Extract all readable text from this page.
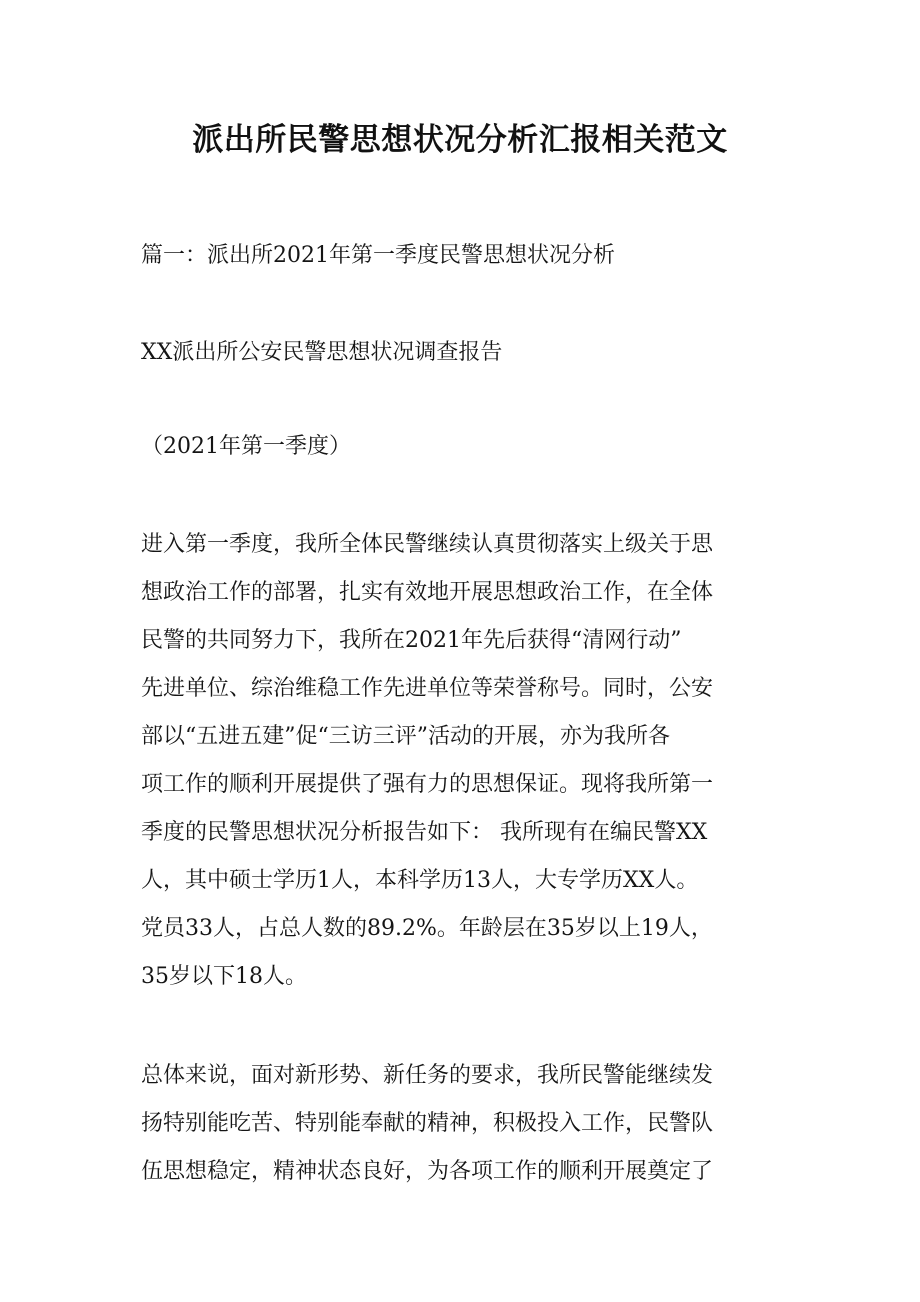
派出所民警思想状况分析汇报相关范文
篇一：派出所2021年第一季度民警思想状况分析
XX派出所公安民警思想状况调查报告
（2021年第一季度）
进入第一季度，我所全体民警继续认真贯彻落实上级关于思
想政治工作的部署，扎实有效地开展思想政治工作，在全体
民警的共同努力下，我所在2021年先后获得“清网行动”
先进单位、综治维稳工作先进单位等荣誉称号。同时，公安
部以“五进五建”促“三访三评”活动的开展，亦为我所各
项工作的顺利开展提供了强有力的思想保证。现将我所第一
季度的民警思想状况分析报告如下： 我所现有在编民警XX
人，其中硕士学历1人，本科学历13人，大专学历XX人。
党员33人，占总人数的89.2%。年龄层在35岁以上19人，
35岁以下18人。
总体来说，面对新形势、新任务的要求，我所民警能继续发
扬特别能吃苦、特别能奉献的精神，积极投入工作，民警队
伍思想稳定，精神状态良好，为各项工作的顺利开展奠定了
